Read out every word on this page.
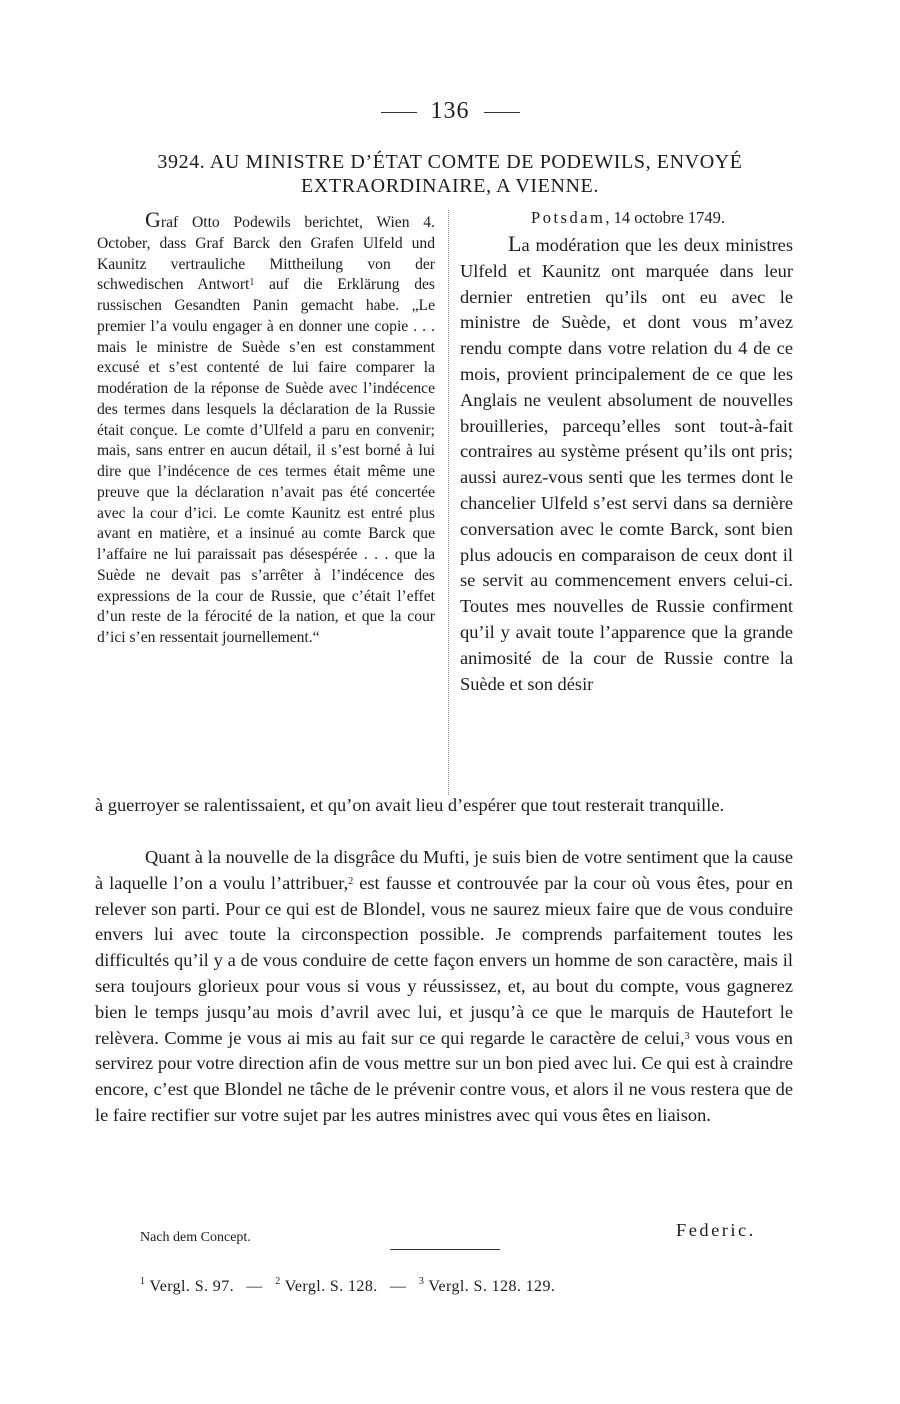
136
3924. AU MINISTRE D’ÉTAT COMTE DE PODEWILS, ENVOYÉ
EXTRAORDINAIRE, A VIENNE.

Graf Otto Podewils berichtet, Wien 4. October, dass Graf Barck den Grafen Ulfeld und Kaunitz vertrauliche Mittheilung von der schwedischen Antwort$^1$ auf die Erklärung des russischen Gesandten Panin gemacht habe. „Le premier l’a voulu engager à en donner une copie . . . mais le ministre de Suède s’en est constamment excusé et s’est contenté de lui faire comparer la modération de la réponse de Suède avec l’indécence des termes dans lesquels la déclaration de la Russie était conçue. Le comte d’Ulfeld a paru en convenir; mais, sans entrer en aucun détail, il s’est borné à lui dire que l’indécence de ces termes était même une preuve que la déclaration n’avait pas été concertée avec la cour d’ici. Le comte Kaunitz est entré plus avant en matière, et a insinué au comte Barck que l’affaire ne lui paraissait pas désespérée . . . que la Suède ne devait pas s’arrêter à l’indécence des expressions de la cour de Russie, que c’était l’effet d’un reste de la férocité de la nation, et que la cour d’ici s’en ressentait journellement.“

Potsdam, 14 octobre 1749.

La modération que les deux ministres Ulfeld et Kaunitz ont marquée dans leur dernier entretien qu’ils ont eu avec le ministre de Suède, et dont vous m’avez rendu compte dans votre relation du 4 de ce mois, provient principalement de ce que les Anglais ne veulent absolument de nouvelles brouilleries, parcequ’elles sont tout-à-fait contraires au système présent qu’ils ont pris; aussi aurez-vous senti que les termes dont le chancelier Ulfeld s’est servi dans sa dernière conversation avec le comte Barck, sont bien plus adoucis en comparaison de ceux dont il se servit au commencement envers celui-ci. Toutes mes nouvelles de Russie confirment qu’il y avait toute l’apparence que la grande animosité de la cour de Russie contre la Suède et son désir

à guerroyer se ralentissaient, et qu’on avait lieu d’espérer que tout resterait tranquille.

Quant à la nouvelle de la disgrâce du Mufti, je suis bien de votre sentiment que la cause à laquelle l’on a voulu l’attribuer,$^2$ est fausse et controuvée par la cour où vous êtes, pour en relever son parti. Pour ce qui est de Blondel, vous ne saurez mieux faire que de vous conduire envers lui avec toute la circonspection possible. Je comprends parfaitement toutes les difficultés qu’il y a de vous conduire de cette façon envers un homme de son caractère, mais il sera toujours glorieux pour vous si vous y réussissez, et, au bout du compte, vous gagnerez bien le temps jusqu’au mois d’avril avec lui, et jusqu’à ce que le marquis de Hautefort le relèvera. Comme je vous ai mis au fait sur ce qui regarde le caractère de celui,$^3$ vous vous en servirez pour votre direction afin de vous mettre sur un bon pied avec lui. Ce qui est à craindre encore, c’est que Blondel ne tâche de le prévenir contre vous, et alors il ne vous restera que de le faire rectifier sur votre sujet par les autres ministres avec qui vous êtes en liaison.

Nach dem Concept.	Federic.
$^1$ Vergl. S. 97. — $^2$ Vergl. S. 128. — $^3$ Vergl. S. 128. 129.
